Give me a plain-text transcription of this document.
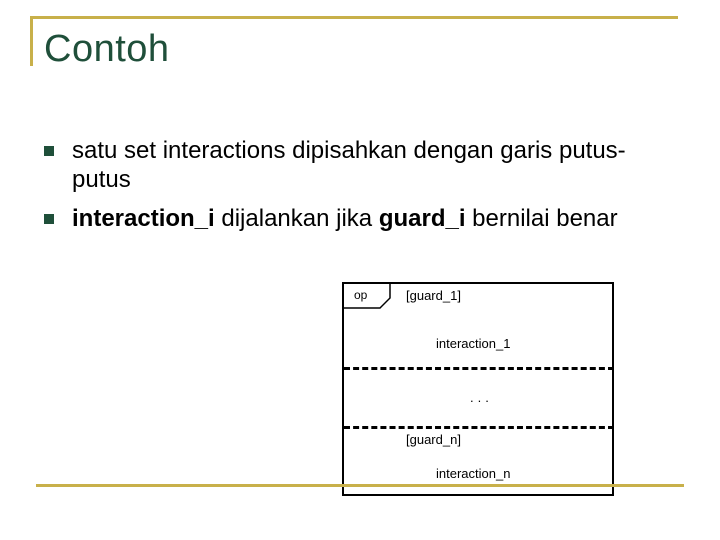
Contoh
satu set interactions dipisahkan dengan garis putus-putus
interaction_i dijalankan jika guard_i bernilai benar
op	[guard_1]
interaction_1
...
[guard_n]
interaction_n
